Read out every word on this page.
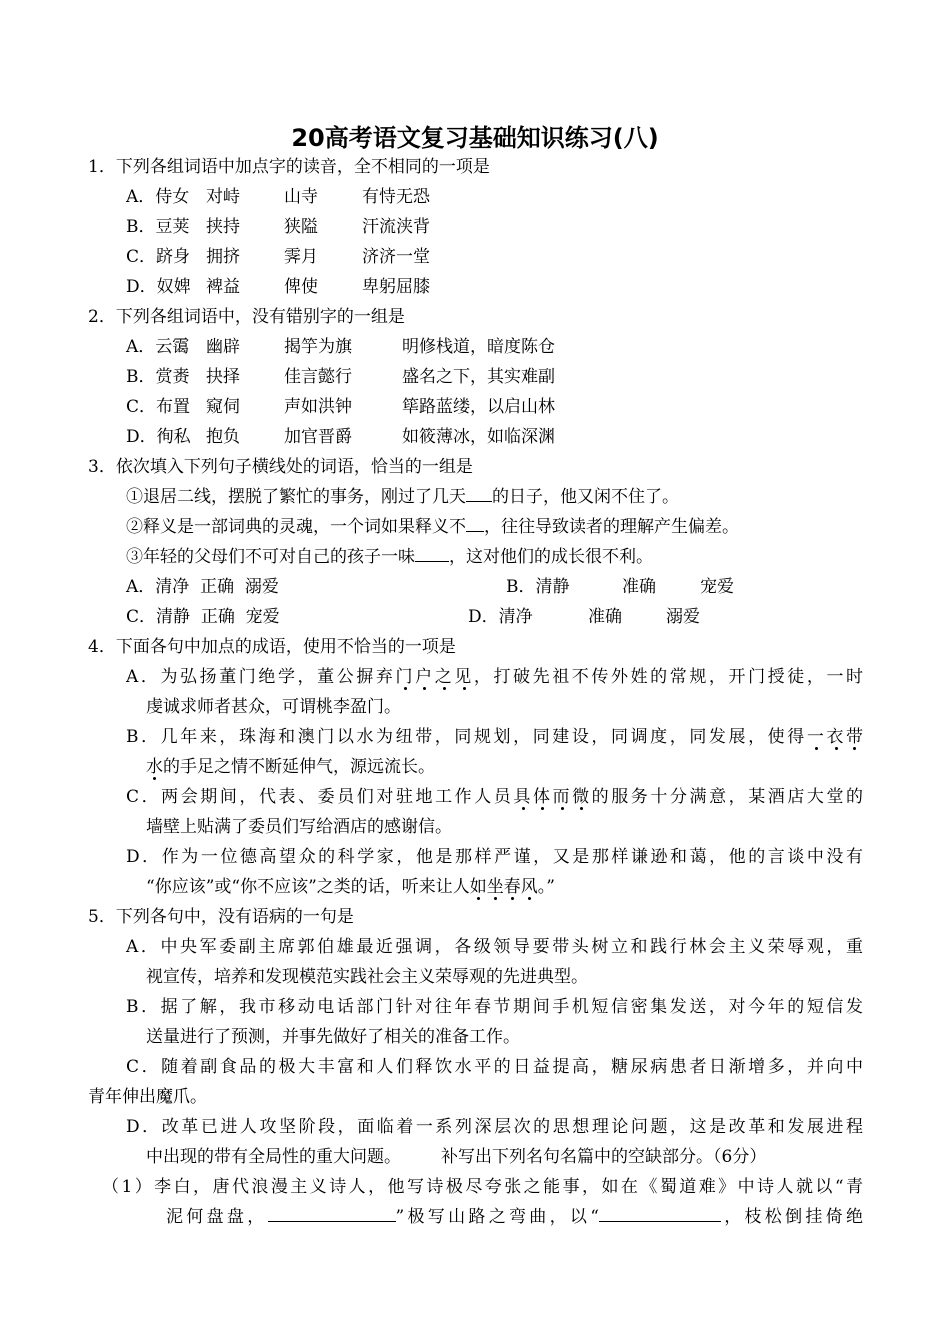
20高考语文复习基础知识练习(八)
1．下列各组词语中加点字的读音，全不相同的一项是
A．侍女 对峙	山寺	有恃无恐
B．豆荚 挟持	狭隘	汗流浃背
C．跻身 拥挤	霁月	济济一堂
D．奴婢 裨益	俾使	卑躬屈膝
2．下列各组词语中，没有错别字的一组是
A．云霭 幽辟	揭竽为旗	明修栈道，暗度陈仓
B．赏赉 抉择	佳言懿行	盛名之下，其实难副
C．布置 窥伺	声如洪钟	筚路蓝缕，以启山林
D．徇私 抱负	加官晋爵	如筱薄冰，如临深渊
3．依次填入下列句子横线处的词语，恰当的一组是
①退居二线，摆脱了繁忙的事务，刚过了几天 的日子，他又闲不住了。
②释义是一部词典的灵魂，一个词如果释义不 ，往往导致读者的理解产生偏差。
③年轻的父母们不可对自己的孩子一味 ，这对他们的成长很不利。
A．清净  正确  溺爱	B．清静	准确	宠爱
C．清静  正确  宠爱	D．清净	准确	溺爱
4．下面各句中加点的成语，使用不恰当的一项是
A．为弘扬董门绝学，董公摒弃门户之见，打破先祖不传外姓的常规，开门授徒，一时
虔诚求师者甚众，可谓桃李盈门。
B．几年来，珠海和澳门以水为纽带，同规划，同建设，同调度，同发展，使得一衣带
水的手足之情不断延伸气，源远流长。
C．两会期间，代表、委员们对驻地工作人员具体而微的服务十分满意，某酒店大堂的
墙壁上贴满了委员们写给酒店的感谢信。
D．作为一位德高望众的科学家，他是那样严谨，又是那样谦逊和蔼，他的言谈中没有
“你应该”或“你不应该”之类的话，听来让人如坐春风。”
5．下列各句中，没有语病的一句是
A．中央军委副主席郭伯雄最近强调，各级领导要带头树立和践行林会主义荣辱观，重
视宣传，培养和发现模范实践社会主义荣辱观的先进典型。
B．据了解，我市移动电话部门针对往年春节期间手机短信密集发送，对今年的短信发
送量进行了预测，并事先做好了相关的准备工作。
C．随着副食品的极大丰富和人们释饮水平的日益提高，糖尿病患者日渐增多，并向中
青年伸出魔爪。
D．改革已进人攻坚阶段，面临着一系列深层次的思想理论问题，这是改革和发展进程
中出现的带有全局性的重大问题。 补写出下列名句名篇中的空缺部分。（6分）
（1）李白，唐代浪漫主义诗人，他写诗极尽夸张之能事，如在《蜀道难》中诗人就以“青
泥何盘盘，	”极写山路之弯曲，以“	，枝松倒挂倚绝
